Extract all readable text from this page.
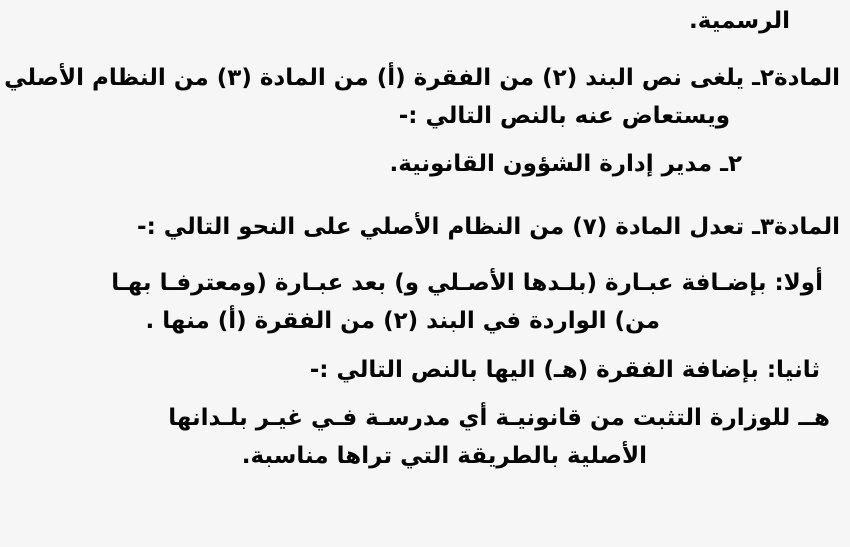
الرسمية.
المادة٢ـ يلغى نص البند (٢) من الفقرة (أ) من المادة (٣) من النظام الأصلي
ويستعاض عنه بالنص التالي :-
٢ـ مدير إدارة الشؤون القانونية.
المادة٣ـ تعدل المادة (٧) من النظام الأصلي على النحو التالي :-
أولا: بإضـافة عبـارة (بلـدها الأصـلي و) بعد عبـارة (ومعترفـا بهـا
من) الواردة في البند (٢) من الفقرة (أ) منها .
ثانيا: بإضافة الفقرة (هـ) اليها بالنص التالي :-
هــ للوزارة التثبت من قانونيـة أي مدرسـة فـي غيـر بلـدانها
الأصلية بالطريقة التي تراها مناسبة.
